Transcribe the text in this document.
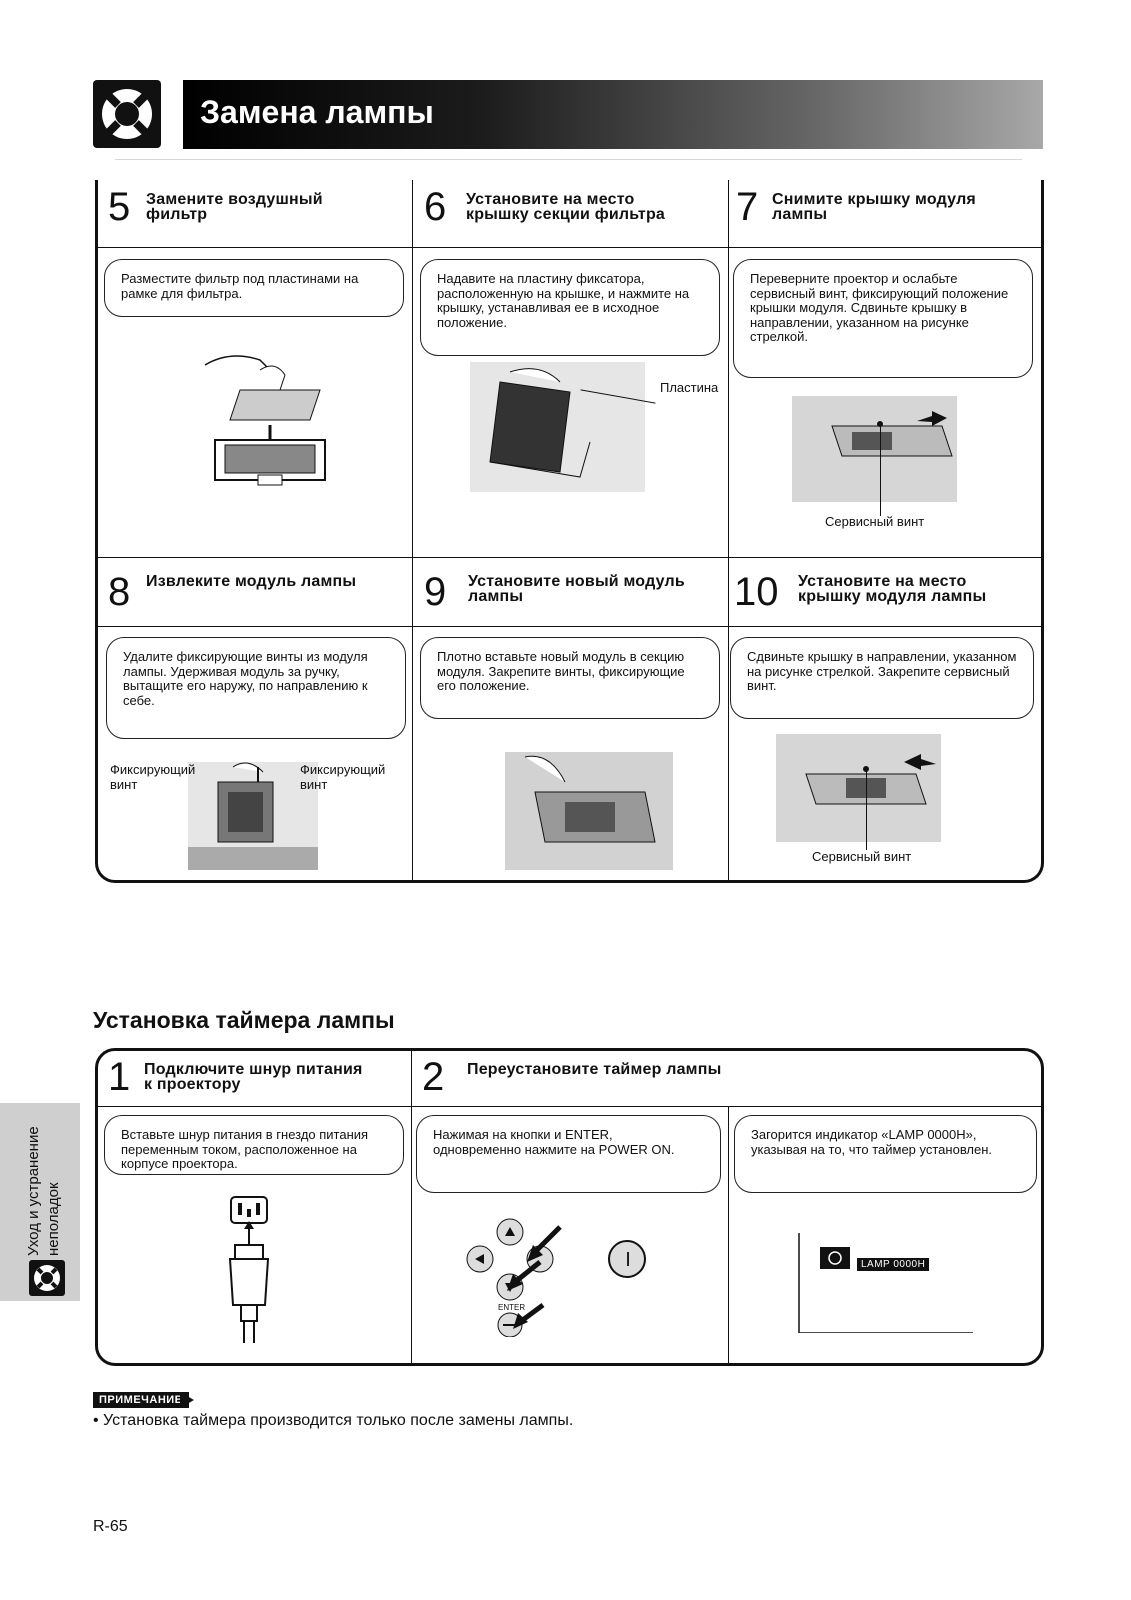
Замена лампы
5 Замените воздушный
фильтр
Разместите фильтр под пластинами на рамке для фильтра.
6 Установите на место
крышку секции фильтра
Надавите на пластину фиксатора, расположенную на крышке, и нажмите на крышку, устанавливая ее в исходное положение.
Пластина
7 Снимите крышку модуля
лампы
Переверните проектор и ослабьте сервисный винт, фиксирующий положение крышки модуля. Сдвиньте крышку в направлении, указанном на рисунке стрелкой.
Сервисный винт
8 Извлеките модуль лампы
Удалите фиксирующие винты из модуля лампы. Удерживая модуль за ручку, вытащите его наружу, по направлению к себе.
Фиксирующий
винт
Фиксирующий
винт
9 Установите новый модуль
лампы
Плотно вставьте новый модуль в секцию модуля. Закрепите винты, фиксирующие его положение.
10 Установите на место
крышку модуля лампы
Сдвиньте крышку в направлении, указанном на рисунке стрелкой. Закрепите сервисный винт.
Сервисный винт
Установка таймера лампы
1 Подключите шнур питания
к проектору	2 Переустановите таймер лампы
Вставьте шнур питания в гнездо питания переменным током, расположенное на корпусе проектора.
Нажимая на кнопки и ENTER, одновременно нажмите на POWER ON.
Загорится индикатор «LAMP 0000H», указывая на то, что таймер установлен.
ENTER
I	LAMP 0000H
ПРИМЕЧАНИЕ
• Установка таймера производится только после замены лампы.
R-65
Уход и устранение неполадок
